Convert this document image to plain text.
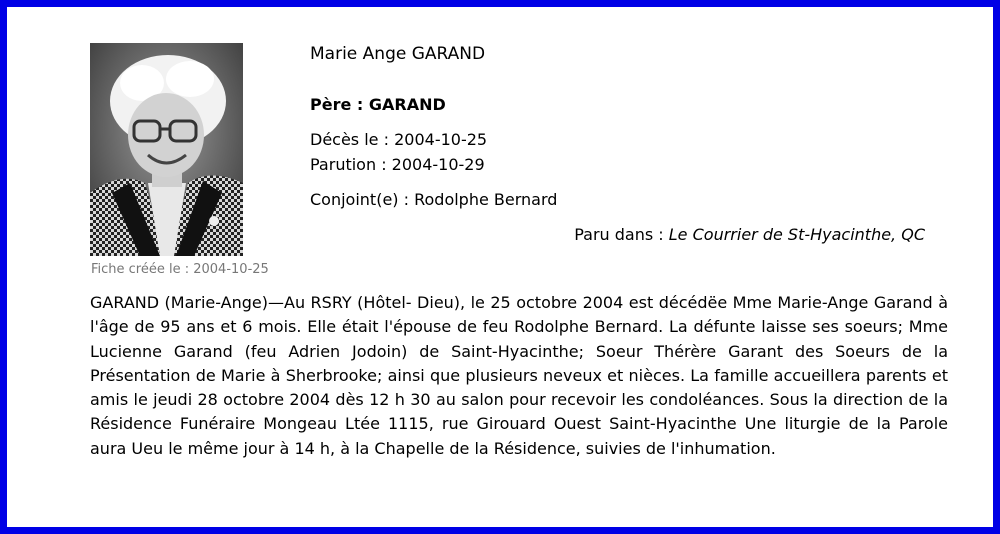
Fiche créée le : 2004-10-25
Marie Ange GARAND
Père : GARAND
Décès le : 2004-10-25
Parution : 2004-10-29
Conjoint(e) : Rodolphe Bernard
Paru dans : Le Courrier de St-Hyacinthe, QC
GARAND (Marie-Ange)—Au RSRY (Hôtel- Dieu), le 25 octobre 2004 est décédëe Mme Marie-Ange Garand à l'âge de 95 ans et 6 mois. Elle était l'épouse de feu Rodolphe Bernard. La défunte laisse ses soeurs; Mme Lucienne Garand (feu Adrien Jodoin) de Saint-Hyacinthe; Soeur Thérère Garant des Soeurs de la Présentation de Marie à Sherbrooke; ainsi que plusieurs neveux et nièces. La famille accueillera parents et amis le jeudi 28 octobre 2004 dès 12 h 30 au salon pour recevoir les condoléances. Sous la direction de la Résidence Funéraire Mongeau Ltée 1115, rue Girouard Ouest Saint-Hyacinthe Une liturgie de la Parole aura Ueu le même jour à 14 h, à la Chapelle de la Résidence, suivies de l'inhumation.
